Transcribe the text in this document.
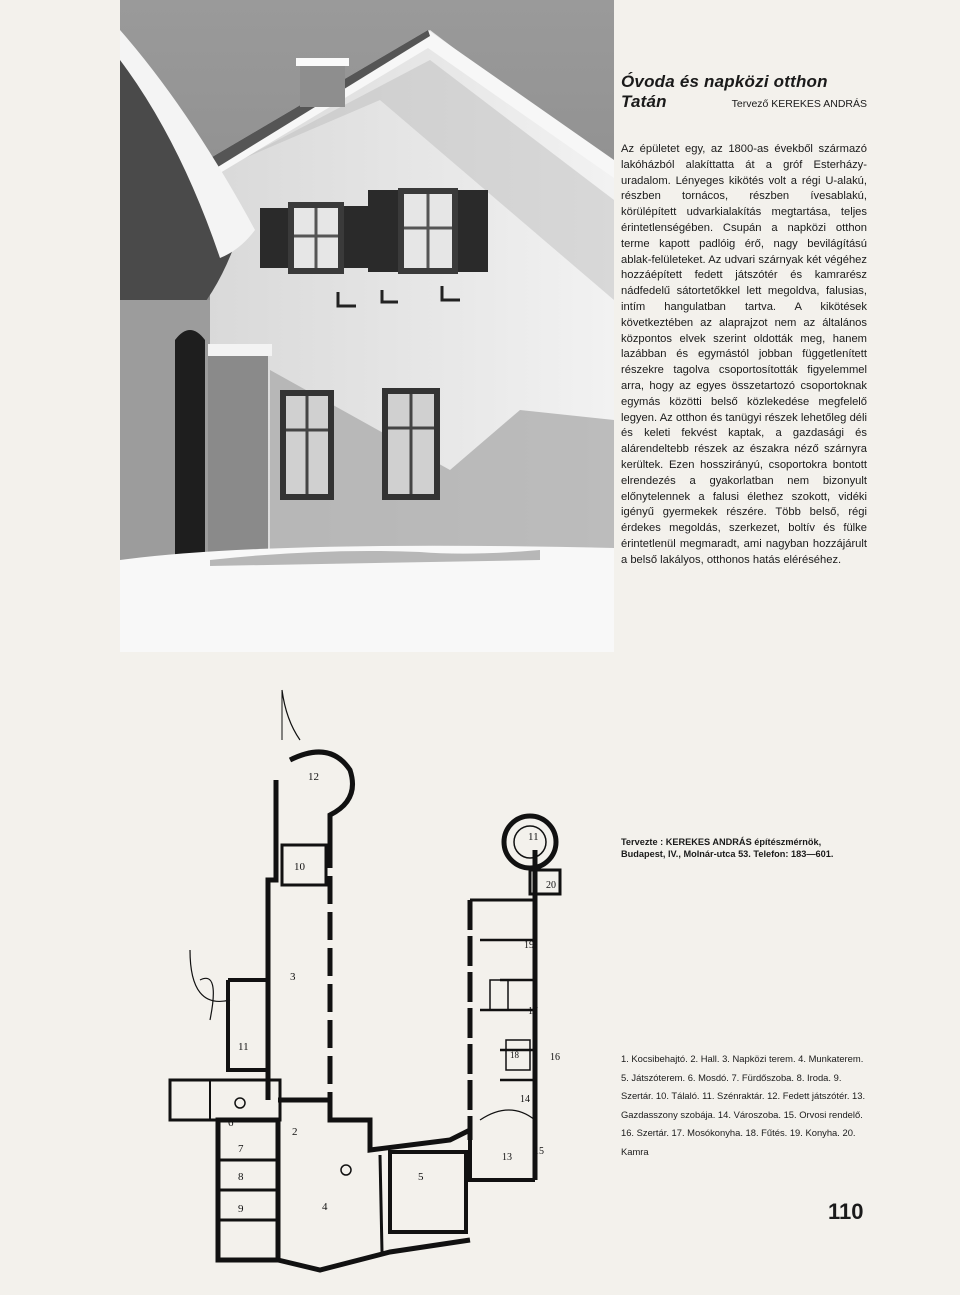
Óvoda és napközi otthon Tatán	Tervező KEREKES ANDRÁS

Az épületet egy, az 1800-as évekből származó lakóházból alakíttatta át a gróf Esterházy-uradalom. Lényeges kikötés volt a régi U-alakú, részben tornácos, részben ívesablakú, körülépített udvarkialakítás megtartása, teljes érintetlenségében. Csupán a napközi otthon terme kapott padlóig érő, nagy bevilágítású ablak-felületeket. Az udvari szárnyak két végéhez hozzáépített fedett játszótér és kamrarész nádfedelű sátortetőkkel lett megoldva, falusias, intím hangulatban tartva. A kikötések következtében az alaprajzot nem az általános központos elvek szerint oldották meg, hanem lazábban és egymástól jobban függetlenített részekre tagolva csoportosították figyelemmel arra, hogy az egyes összetartozó csoportoknak egymás közötti belső közlekedése megfelelő legyen. Az otthon és tanügyi részek lehetőleg déli és keleti fekvést kaptak, a gazdasági és alárendeltebb részek az északra néző szárnyra kerültek. Ezen hosszirányú, csoportokra bontott elrendezés a gyakorlatban nem bizonyult előnytelennek a falusi élethez szokott, vidéki igényű gyermekek részére. Több belső, régi érdekes megoldás, szerkezet, boltív és fülke érintetlenül megmaradt, ami nagyban hozzájárult a belső lakályos, otthonos hatás eléréséhez.

Tervezte : KEREKES ANDRÁS építészmérnök, Budapest, IV., Molnár-utca 53. Telefon: 183—601.

12
10
3
11
2
6
7
8
9	4
5
1	13
15
14
16
18
17
19
20
11

1. Kocsibehajtó. 2. Hall. 3. Napközi terem. 4. Munkaterem. 5. Játszóterem. 6. Mosdó. 7. Fürdőszoba. 8. Iroda. 9. Szertár. 10. Tálaló. 11. Szénraktár. 12. Fedett játszótér. 13. Gazdasszony szobája. 14. Városzoba. 15. Orvosi rendelő. 16. Szertár. 17. Mosókonyha. 18. Fűtés. 19. Konyha. 20. Kamra

110
